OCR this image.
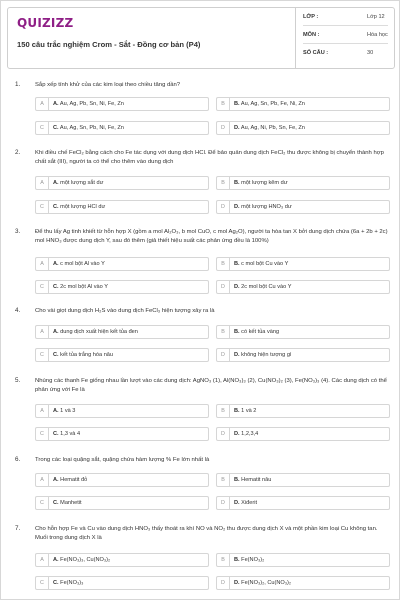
QUIZIZZ
150 câu trắc nghiệm Crom - Sắt - Đồng cơ bản (P4)
LỚP :	Lớp 12
MÔN :	Hóa học
SỐ CÂU :	30
1. Sắp xếp tính khử của các kim loại theo chiều tăng dần?
A	A. Au, Ag, Pb, Sn, Ni, Fe, Zn	B	B. Au, Ag, Sn, Pb, Fe, Ni, Zn
C	C. Au, Ag, Sn, Pb, Ni, Fe, Zn	D	D. Au, Ag, Ni, Pb, Sn, Fe, Zn
2. Khi điều chế FeCl₂ bằng cách cho Fe tác dụng với dung dịch HCl. Để bảo quản dung dịch FeCl₂ thu được không bị chuyển thành hợp chất sắt (III), người ta có thể cho thêm vào dung dịch
A	A. một lượng sắt dư	B	B. một lượng kẽm dư
C	C. một lượng HCl dư	D	D. một lượng HNO₃ dư
3. Để thu lấy Ag tinh khiết từ hỗn hợp X (gồm a mol Al₂O₃, b mol CuO, c mol Ag₂O), người ta hòa tan X bởi dung dịch chứa (6a + 2b + 2c) mol HNO₃ được dung dịch Y, sau đó thêm (giả thiết hiệu suất các phản ứng đều là 100%)
A	A. c mol bột Al vào Y	B	B. c mol bột Cu vào Y
C	C. 2c mol bột Al vào Y	D	D. 2c mol bột Cu vào Y
4. Cho vài giọt dung dịch H₂S vào dung dịch FeCl₃ hiện tượng xảy ra là
A	A. dung dịch xuất hiện kết tủa đen	B	B. có kết tủa vàng
C	C. kết tủa trắng hóa nâu	D	D. không hiện tượng gì
5. Nhúng các thanh Fe giống nhau lần lượt vào các dung dịch: AgNO₃ (1), Al(NO₃)₃ (2), Cu(NO₃)₂ (3), Fe(NO₃)₃ (4). Các dung dịch có thể phản ứng với Fe là
A	A. 1 và 3	B	B. 1 và 2
C	C. 1,3 và 4	D	D. 1,2,3,4
6. Trong các loại quặng sắt, quặng chứa hàm lượng % Fe lớn nhất là
A	A. Hematit đỏ	B	B. Hematit nâu
C	C. Manhetit	D	D. Xiđerit
7. Cho hỗn hợp Fe và Cu vào dung dịch HNO₃ thấy thoát ra khí NO và NO₂ thu được dung dịch X và một phần kim loại Cu không tan. Muối trong dung dịch X là
A	A. Fe(NO₃)₃, Cu(NO₃)₂	B	B. Fe(NO₃)₂
C	C. Fe(NO₃)₃	D	D. Fe(NO₃)₂, Cu(NO₃)₂
